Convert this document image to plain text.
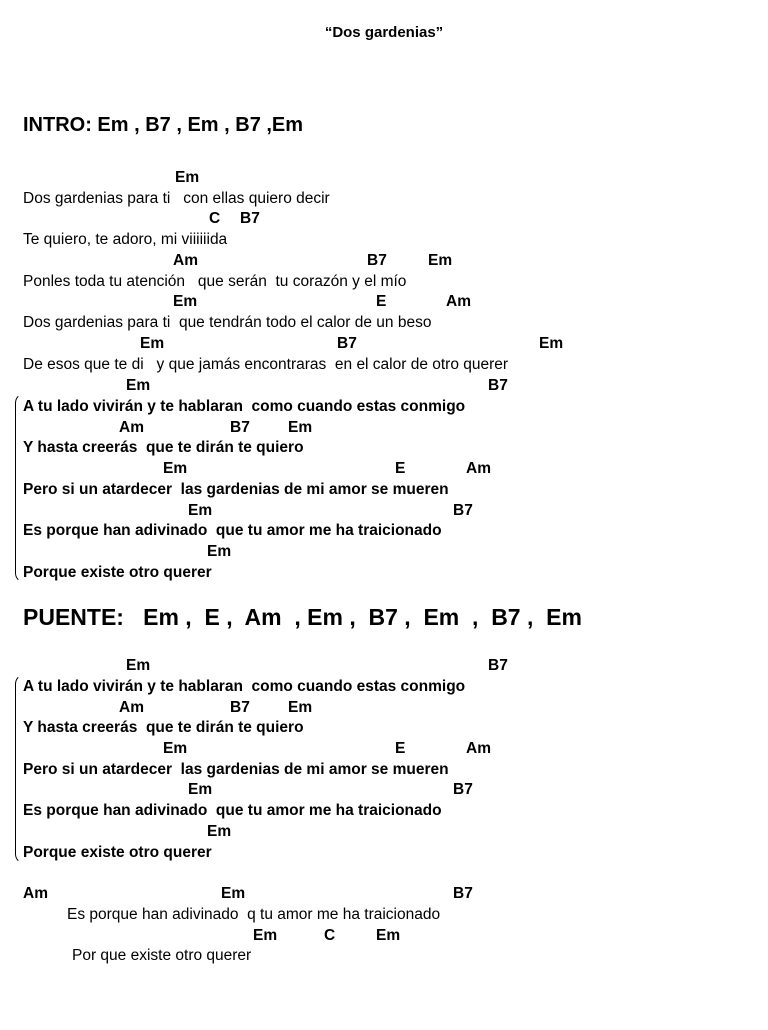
“Dos gardenias”
INTRO: Em , B7 , Em , B7 ,Em

Em

Dos gardenias para ti   con ellas quiero decir

C

B7

Te quiero, te adoro, mi viiiiiida

Am

	B7

	Em

Ponles toda tu atención   que serán  tu corazón y el mío

Em

	E

	Am

Dos gardenias para ti  que tendrán todo el calor de un beso

Em

	B7

	Em

De esos que te di   y que jamás encontraras  en el calor de otro querer

Em

	B7

A tu lado vivirán y te hablaran  como cuando estas conmigo

Am

	B7

Em

Y hasta creerás  que te dirán te quiero

Em

	E

	Am

Pero si un atardecer  las gardenias de mi amor se mueren

Em

	B7

Es porque han adivinado  que tu amor me ha traicionado

Em

Porque existe otro querer

PUENTE:   Em ,  E ,  Am  , Em ,  B7 ,  Em  ,  B7 ,  Em

Em

	B7

A tu lado vivirán y te hablaran  como cuando estas conmigo

Am

	B7

Em

Y hasta creerás  que te dirán te quiero

Em

	E

	Am

Pero si un atardecer  las gardenias de mi amor se mueren

Em

	B7

Es porque han adivinado  que tu amor me ha traicionado

Em

Porque existe otro querer

Am

	Em

	B7

Es porque han adivinado  q tu amor me ha traicionado

Em

	C

	Em

Por que existe otro querer
